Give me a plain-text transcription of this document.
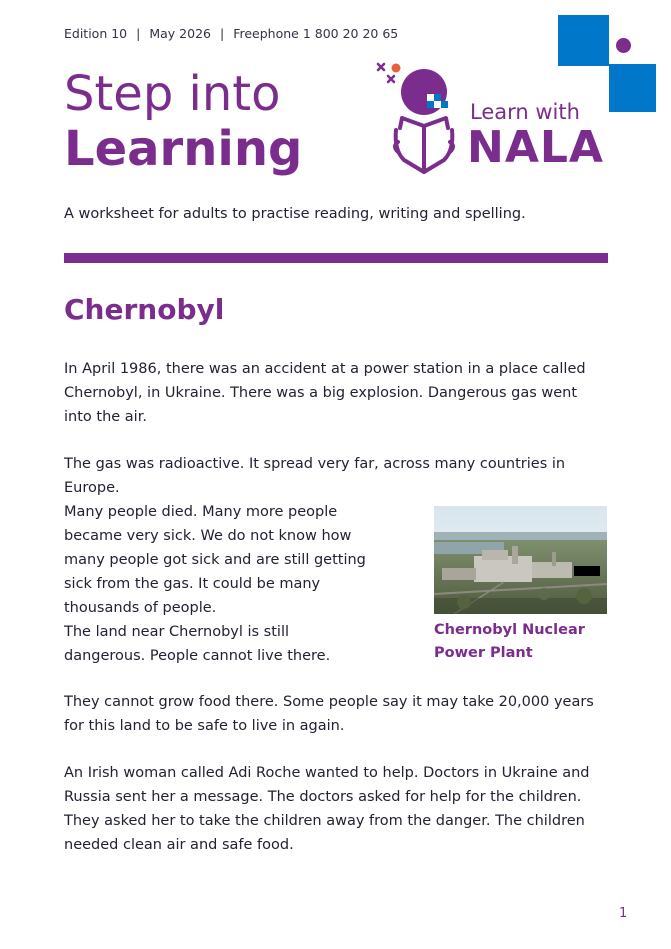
Edition 10 | May 2026 | Freephone 1 800 20 20 65
Step into
Learning
Learn with
NALA
A worksheet for adults to practise reading, writing and spelling.
Chernobyl

In April 1986, there was an accident at a power station in a place called Chernobyl, in Ukraine. There was a big explosion. Dangerous gas went into the air.

The gas was radioactive. It spread very far, across many countries in Europe.

Many people died. Many more people became very sick. We do not know how many people got sick and are still getting sick from the gas. It could be many thousands of people.

The land near Chernobyl is still dangerous. People cannot live there.

They cannot grow food there. Some people say it may take 20,000 years for this land to be safe to live in again.

An Irish woman called Adi Roche wanted to help. Doctors in Ukraine and Russia sent her a message. The doctors asked for help for the children. They asked her to take the children away from the danger. The children needed clean air and safe food.

Chernobyl Nuclear Power Plant
1
